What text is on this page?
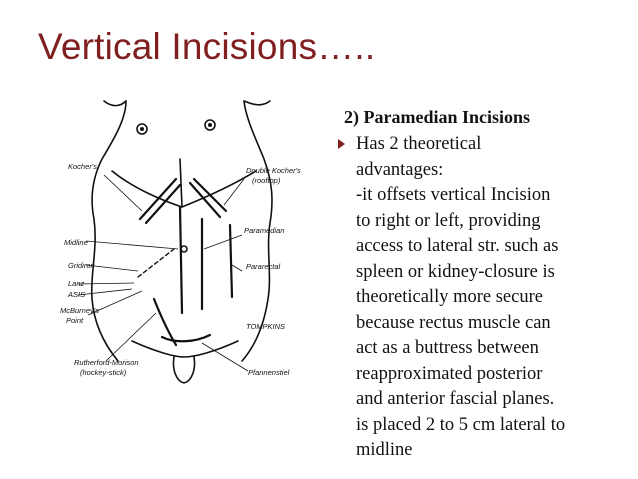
Vertical Incisions…..
Kocher's	Double Kocher's
(rooftop)
Midline
Paramedian
Gridiron	Pararectal
Lanz
ASIS
McBurney's
Point
Rutherford-Morison
(hockey-stick)	Pfannenstiel
TOMPKINS
2) Paramedian Incisions
Has 2 theoretical
advantages:
-it offsets vertical Incision
to right or left, providing
access to lateral str. such as
spleen or kidney-closure is
theoretically more secure
because rectus muscle can
act as a buttress between
reapproximated posterior
and anterior fascial planes.
is placed 2 to 5 cm lateral to
midline
